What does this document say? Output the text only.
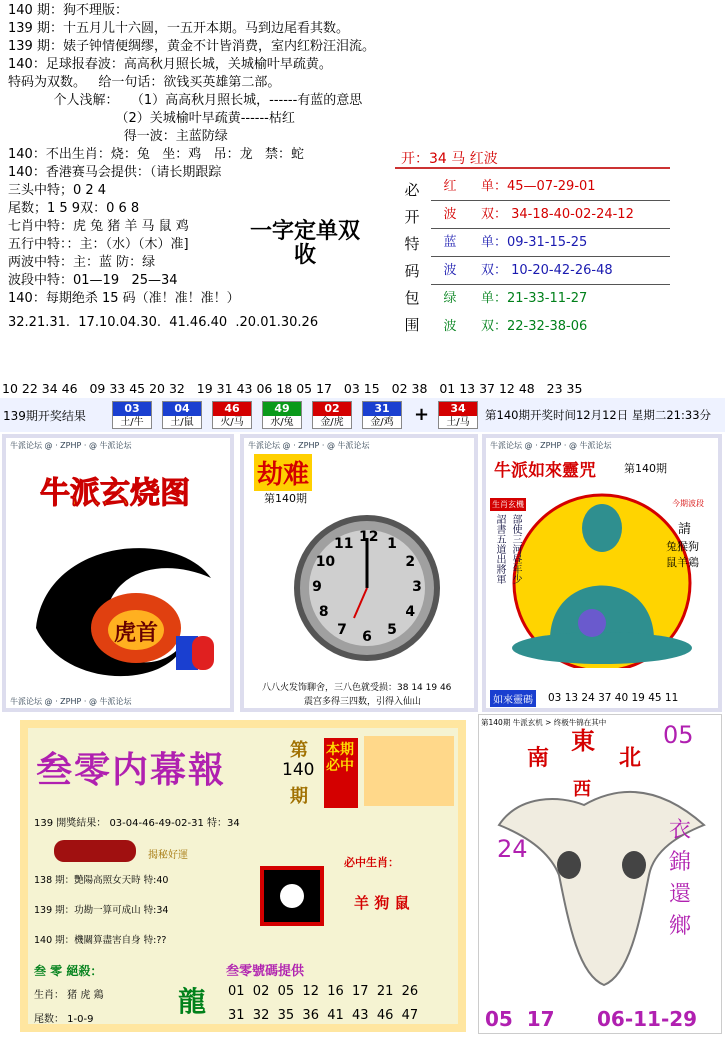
140 期：狗不理版：
139 期：十五月儿十六圆，一五开本期。马到边尾看其数。
139 期：婊子钟情便绸缪，黄金不计皆消费，室内红粉汪泪流。
140：足球报春波：高高秋月照长城，关城榆叶早疏黄。
特码为双数。   给一句话：欲钱买英雄第二部。
个人浅解：   （1）高高秋月照长城，------有蓝的意思
（2）关城榆叶早疏黄------枯红
得一波：主蓝防绿
140：不出生肖：烧：兔   坐：鸡   吊：龙   禁：蛇
140：香港赛马会提供：（请长期跟踪
三头中特；0 2 4
尾数；1 5 9双：0 6 8
七肖中特：虎 兔 猪 羊 马 鼠 鸡
五行中特：：主：（水）（木）准]
两波中特：主：蓝 防：绿
波段中特：01—19   25—34
140：每期绝杀 15 码（准！准！准！）
32.21.31.  17.10.04.30.  41.46.40  .20.01.30.26
一字定单双
收
开：34 马 红波
必
开
特
码
包
围
红 单：45—07-29-01
波 双： 34-18-40-02-24-12
蓝 单：09-31-15-25
波 双： 10-20-42-26-48
绿 单：21-33-11-27
波 双：22-32-38-06
10 22 34 46   09 33 45 20 32   19 31 43 06 18 05 17   03 15   02 38   01 13 37 12 48   23 35
139期开奖结果
03
土/牛
04
土/鼠
46
火/马
49
水/兔
02
金/虎
31
金/鸡	+	34
土/马
第140期开奖时间12月12日 星期二21:33分
牛派论坛 @ · ZPHP · @ 牛派论坛
牛派玄烧图
第140期
虎首
牛派论坛 @ · ZPHP · @ 牛派论坛
牛派论坛 @ · ZPHP · @ 牛派论坛
劫难
第140期
12 1
2
3
4
5
6
7
8
9
10
11
八八火发饰聊舍，三八色就受损：38 14 19 46
震宫多得三四数，引得入仙山
牛派论坛 @ · ZPHP · @ 牛派论坛
牛派如來靈咒	第140期
生肖玄機	今期波段
部使三河昼年少
詔書五道出將軍	請
兔猴狗
鼠羊鶏
如來靈碼 03 13 24 37 40 19 45 11
叁零内幕報	第
140
期
本期必中
139 開獎結果： 03-04-46-49-02-31 特：34
揭秘好運
138 期：艷陽高照女天時 特:40
139 期：功勘一算可成山 特:34
140 期：機關算盡害自身 特:??
叁 零 絕殺：
生肖： 猪 虎 鶏
尾数： 1-0-9
龍
必中生肖：
羊 狗 鼠
叁零號碼提供
01  02  05  12  16  17  21  26
31  32  35  36  41  43  46  47
第140期 牛派玄机 > 终极牛锦在其中
東
南	北
西
05
24
衣
錦
還
鄉
05  17 06-11-29
